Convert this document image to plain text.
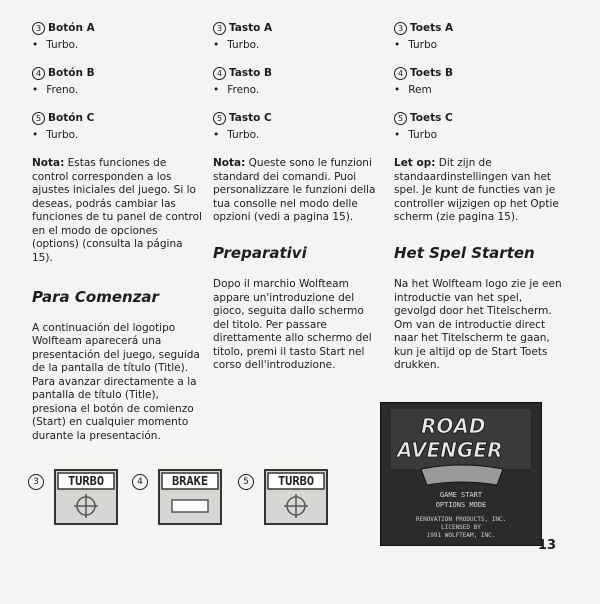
3 Botón A

• Turbo.

4 Botón B

• Freno.

5 Botón C

• Turbo.

Nota: Estas funciones de control corresponden a los ajustes iniciales del juego. Si lo deseas, podrás cambiar las funciones de tu panel de control en el modo de opciones (options) (consulta la página 15).

Para Comenzar

A continuación del logotipo Wolfteam aparecerá una presentación del juego, seguida de la pantalla de título (Title). Para avanzar directamente a la pantalla de título (Title), presiona el botón de comienzo (Start) en cualquier momento durante la presentación.

3 Tasto A

• Turbo.

4 Tasto B

• Freno.

5 Tasto C

• Turbo.

Nota: Queste sono le funzioni standard dei comandi. Puoi personalizzare le funzioni della tua consolle nel modo delle opzioni (vedi a pagina 15).

Preparativi

Dopo il marchio Wolfteam appare un'introduzione del gioco, seguita dallo schermo del titolo. Per passare direttamente allo schermo del titolo, premi il tasto Start nel corso dell'introduzione.

3 Toets A

• Turbo

4 Toets B

• Rem

5 Toets C

• Turbo

Let op: Dit zijn de standaardinstellingen van het spel. Je kunt de functies van je controller wijzigen op het Optie scherm (zie pagina 15).

Het Spel Starten

Na het Wolfteam logo zie je een introductie van het spel, gevolgd door het Titelscherm. Om van de introductie direct naar het Titelscherm te gaan, kun je altijd op de Start Toets drukken.

3	TURBO	4	BRAKE	5	TURBO
ROAD
AVENGER
GAME START
OPTIONS MODE
RENOVATION PRODUCTS, INC.
LICENSED BY
1991 WOLFTEAM, INC.
13
